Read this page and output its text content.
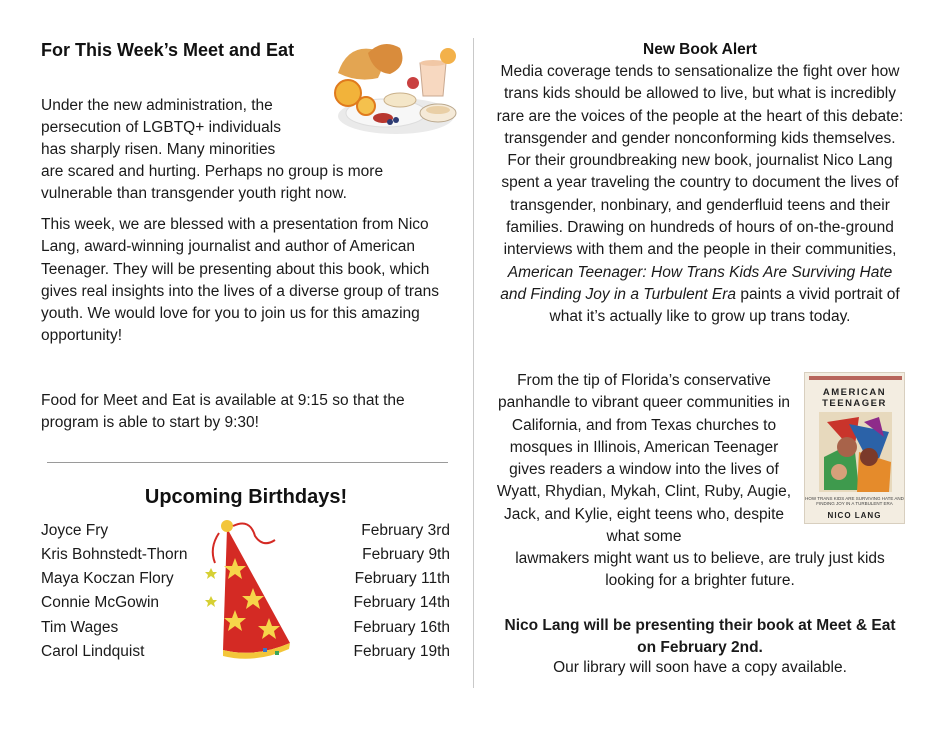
For This Week’s Meet and Eat
Under the new administration, the
persecution of LGBTQ+ individuals
has sharply risen. Many minorities
are scared and hurting. Perhaps no group is more
vulnerable than transgender youth right now.

This week, we are blessed with a presentation from Nico Lang, award-winning journalist and author of American Teenager. They will be presenting about this book, which gives real insights into the lives of a diverse group of trans youth. We would love for you to join us for this amazing opportunity!

Food for Meet and Eat is available at 9:15 so that the program is able to start by 9:30!

Upcoming Birthdays!
Joyce Fry
Kris Bohnstedt-Thorn
Maya Koczan Flory
Connie McGowin
Tim Wages
Carol Lindquist
February 3rd
February 9th
February 11th
February 14th
February 16th
February 19th
New Book Alert

Media coverage tends to sensationalize the fight over how trans kids should be allowed to live, but what is incredibly rare are the voices of the people at the heart of this debate: transgender and gender nonconforming kids themselves. For their groundbreaking new book, journalist Nico Lang spent a year traveling the country to document the lives of transgender, nonbinary, and genderfluid teens and their families. Drawing on hundreds of hours of on-the-ground interviews with them and the people in their communities, American Teenager: How Trans Kids Are Surviving Hate and Finding Joy in a Turbulent Era paints a vivid portrait of what it’s actually like to grow up trans today.

From the tip of Florida’s conservative panhandle to vibrant queer communities in California, and from Texas churches to mosques in Illinois, American Teenager gives readers a window into the lives of Wyatt, Rhydian, Mykah, Clint, Ruby, Augie, Jack, and Kylie, eight teens who, despite what some

AMERICAN
TEENAGER
HOW TRANS KIDS ARE SURVIVING HATE AND FINDING JOY IN A TURBULENT ERA
NICO LANG

lawmakers might want us to believe, are truly just kids looking for a brighter future.

Nico Lang will be presenting their book at Meet & Eat on February 2nd.

Our library will soon have a copy available.
